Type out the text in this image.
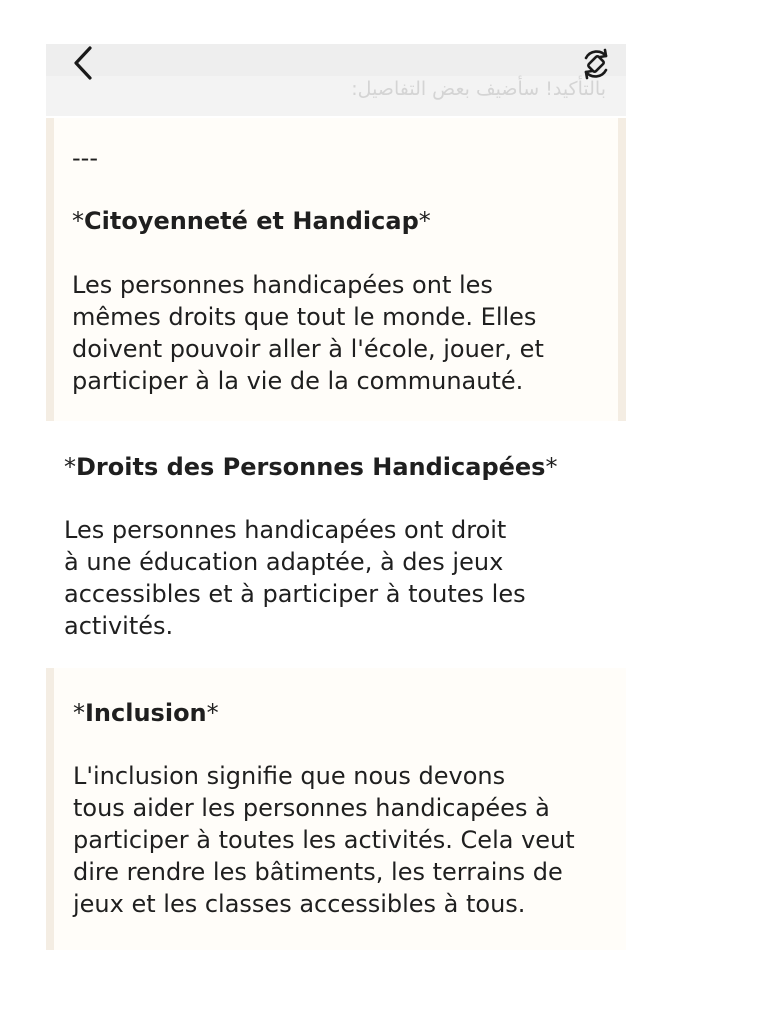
بالتأكيد! سأضيف بعض التفاصيل:
---
*Citoyenneté et Handicap*
Les personnes handicapées ont les
mêmes droits que tout le monde. Elles
doivent pouvoir aller à l'école, jouer, et
participer à la vie de la communauté.
*Droits des Personnes Handicapées*
Les personnes handicapées ont droit
à une éducation adaptée, à des jeux
accessibles et à participer à toutes les
activités.
*Inclusion*
L'inclusion signifie que nous devons
tous aider les personnes handicapées à
participer à toutes les activités. Cela veut
dire rendre les bâtiments, les terrains de
jeux et les classes accessibles à tous.
